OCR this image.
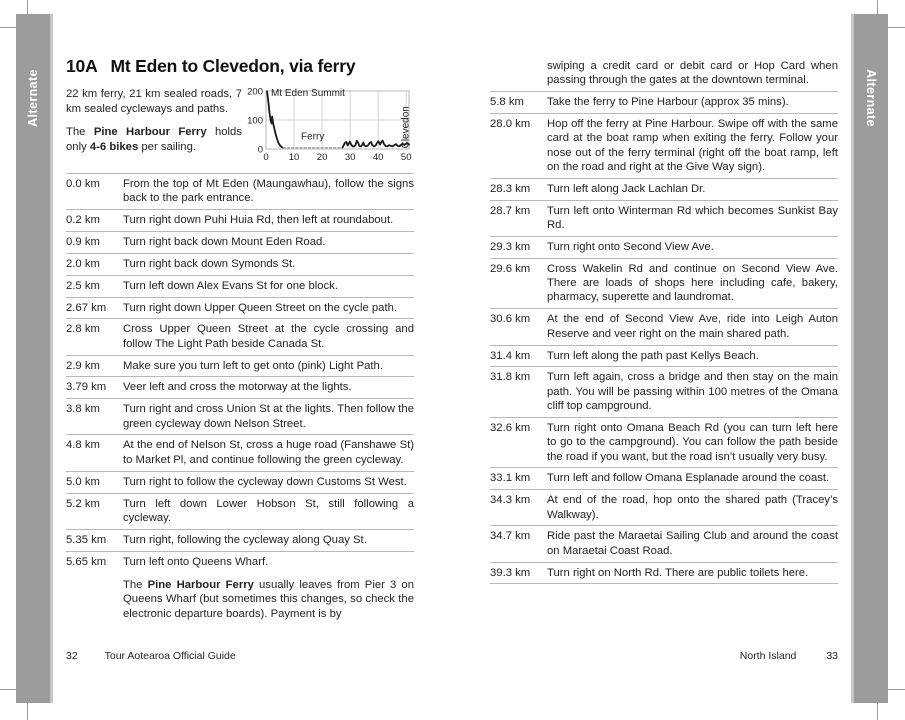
Alternate	Alternate
10A Mt Eden to Clevedon, via ferry

22 km ferry, 21 km sealed roads, 7 km sealed cycleways and paths.

The Pine Harbour Ferry holds only 4-6 bikes per sailing.

0 10 20 30 40 50
0
100
200 Mt Eden Summit
Ferry	Clevedon
0.0 km	From the top of Mt Eden (Maungawhau), follow the signs back to the park entrance.

0.2 km	Turn right down Puhi Huia Rd, then left at roundabout.

0.9 km	Turn right back down Mount Eden Road.

2.0 km	Turn right back down Symonds St.

2.5 km	Turn left down Alex Evans St for one block.

2.67 km	Turn right down Upper Queen Street on the cycle path.

2.8 km	Cross Upper Queen Street at the cycle crossing and follow The Light Path beside Canada St.

2.9 km	Make sure you turn left to get onto (pink) Light Path.

3.79 km	Veer left and cross the motorway at the lights.

3.8 km	Turn right and cross Union St at the lights. Then follow the green cycleway down Nelson Street.

4.8 km	At the end of Nelson St, cross a huge road (Fanshawe St) to Market Pl, and continue following the green cycleway.

5.0 km	Turn right to follow the cycleway down Customs St West.

5.2 km	Turn left down Lower Hobson St, still following a cycleway.

5.35 km	Turn right, following the cycleway along Quay St.

5.65 km	Turn left onto Queens Wharf.

The Pine Harbour Ferry usually leaves from Pier 3 on Queens Wharf (but sometimes this changes, so check the electronic departure boards). Payment is by

swiping a credit card or debit card or Hop Card when passing through the gates at the downtown terminal.

5.8 km	Take the ferry to Pine Harbour (approx 35 mins).

28.0 km	Hop off the ferry at Pine Harbour. Swipe off with the same card at the boat ramp when exiting the ferry. Follow your nose out of the ferry terminal (right off the boat ramp, left on the road and right at the Give Way sign).

28.3 km	Turn left along Jack Lachlan Dr.

28.7 km	Turn left onto Winterman Rd which becomes Sunkist Bay Rd.

29.3 km	Turn right onto Second View Ave.

29.6 km	Cross Wakelin Rd and continue on Second View Ave. There are loads of shops here including cafe, bakery, pharmacy, superette and laundromat.

30.6 km	At the end of Second View Ave, ride into Leigh Auton Reserve and veer right on the main shared path.

31.4 km	Turn left along the path past Kellys Beach.

31.8 km	Turn left again, cross a bridge and then stay on the main path. You will be passing within 100 metres of the Omana cliff top campground.

32.6 km	Turn right onto Omana Beach Rd (you can turn left here to go to the campground). You can follow the path beside the road if you want, but the road isn’t usually very busy.

33.1 km	Turn left and follow Omana Esplanade around the coast.

34.3 km	At end of the road, hop onto the shared path (Tracey’s Walkway).

34.7 km	Ride past the Maraetai Sailing Club and around the coast on Maraetai Coast Road.

39.3 km	Turn right on North Rd. There are public toilets here.

32	Tour Aotearoa Official Guide	North Island	33
